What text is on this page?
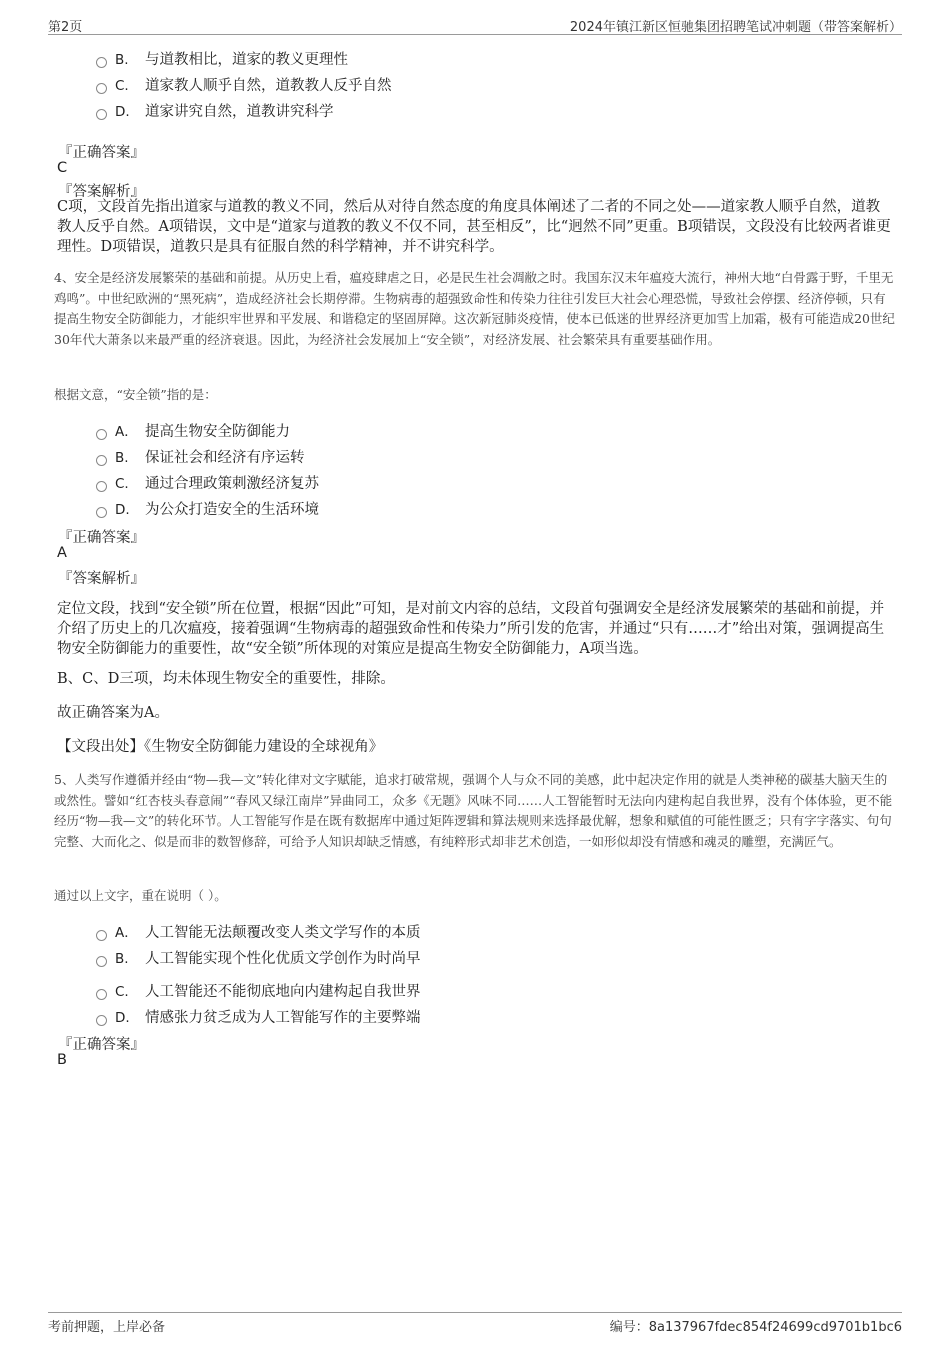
第2页	2024年镇江新区恒驰集团招聘笔试冲刺题（带答案解析）
B. 与道教相比，道家的教义更理性
C. 道家教人顺乎自然，道教教人反乎自然
D. 道家讲究自然，道教讲究科学
『正确答案』
C
『答案解析』
C项，文段首先指出道家与道教的教义不同，然后从对待自然态度的角度具体阐述了二者的不同之处——道家教人顺乎自然，道教教人反乎自然。A项错误，文中是“道家与道教的教义不仅不同，甚至相反”，比“迥然不同”更重。B项错误，文段没有比较两者谁更理性。D项错误，道教只是具有征服自然的科学精神，并不讲究科学。
4、安全是经济发展繁荣的基础和前提。从历史上看，瘟疫肆虐之日，必是民生社会凋敝之时。我国东汉末年瘟疫大流行，神州大地“白骨露于野，千里无鸡鸣”。中世纪欧洲的“黑死病”，造成经济社会长期停滞。生物病毒的超强致命性和传染力往往引发巨大社会心理恐慌，导致社会停摆、经济停顿，只有提高生物安全防御能力，才能织牢世界和平发展、和谐稳定的坚固屏障。这次新冠肺炎疫情，使本已低迷的世界经济更加雪上加霜，极有可能造成20世纪30年代大萧条以来最严重的经济衰退。因此，为经济社会发展加上“安全锁”，对经济发展、社会繁荣具有重要基础作用。
根据文意，“安全锁”指的是：
A． 提高生物安全防御能力
B. 保证社会和经济有序运转
C. 通过合理政策刺激经济复苏
D. 为公众打造安全的生活环境
『正确答案』
A
『答案解析』
定位文段，找到“安全锁”所在位置，根据“因此”可知，是对前文内容的总结，文段首句强调安全是经济发展繁荣的基础和前提，并介绍了历史上的几次瘟疫，接着强调“生物病毒的超强致命性和传染力”所引发的危害，并通过“只有……才”给出对策，强调提高生物安全防御能力的重要性，故“安全锁”所体现的对策应是提高生物安全防御能力，A项当选。
B、C、D三项，均未体现生物安全的重要性，排除。
故正确答案为A。
【文段出处】《生物安全防御能力建设的全球视角》
5、人类写作遵循并经由“物—我—文”转化律对文字赋能，追求打破常规，强调个人与众不同的美感，此中起决定作用的就是人类神秘的碳基大脑天生的或然性。譬如“红杏枝头春意闹”“春风又绿江南岸”异曲同工，众多《无题》风味不同……人工智能暂时无法向内建构起自我世界，没有个体体验，更不能经历“物—我—文”的转化环节。人工智能写作是在既有数据库中通过矩阵逻辑和算法规则来选择最优解，想象和赋值的可能性匮乏；只有字字落实、句句完整、大而化之、似是而非的数智修辞，可给予人知识却缺乏情感，有纯粹形式却非艺术创造，一如形似却没有情感和魂灵的雕塑，充满匠气。
通过以上文字，重在说明（ ）。
A． 人工智能无法颠覆改变人类文学写作的本质
B. 人工智能实现个性化优质文学创作为时尚早
C. 人工智能还不能彻底地向内建构起自我世界
D. 情感张力贫乏成为人工智能写作的主要弊端
『正确答案』
B
考前押题，上岸必备	编号：8a137967fdec854f24699cd9701b1bc6
